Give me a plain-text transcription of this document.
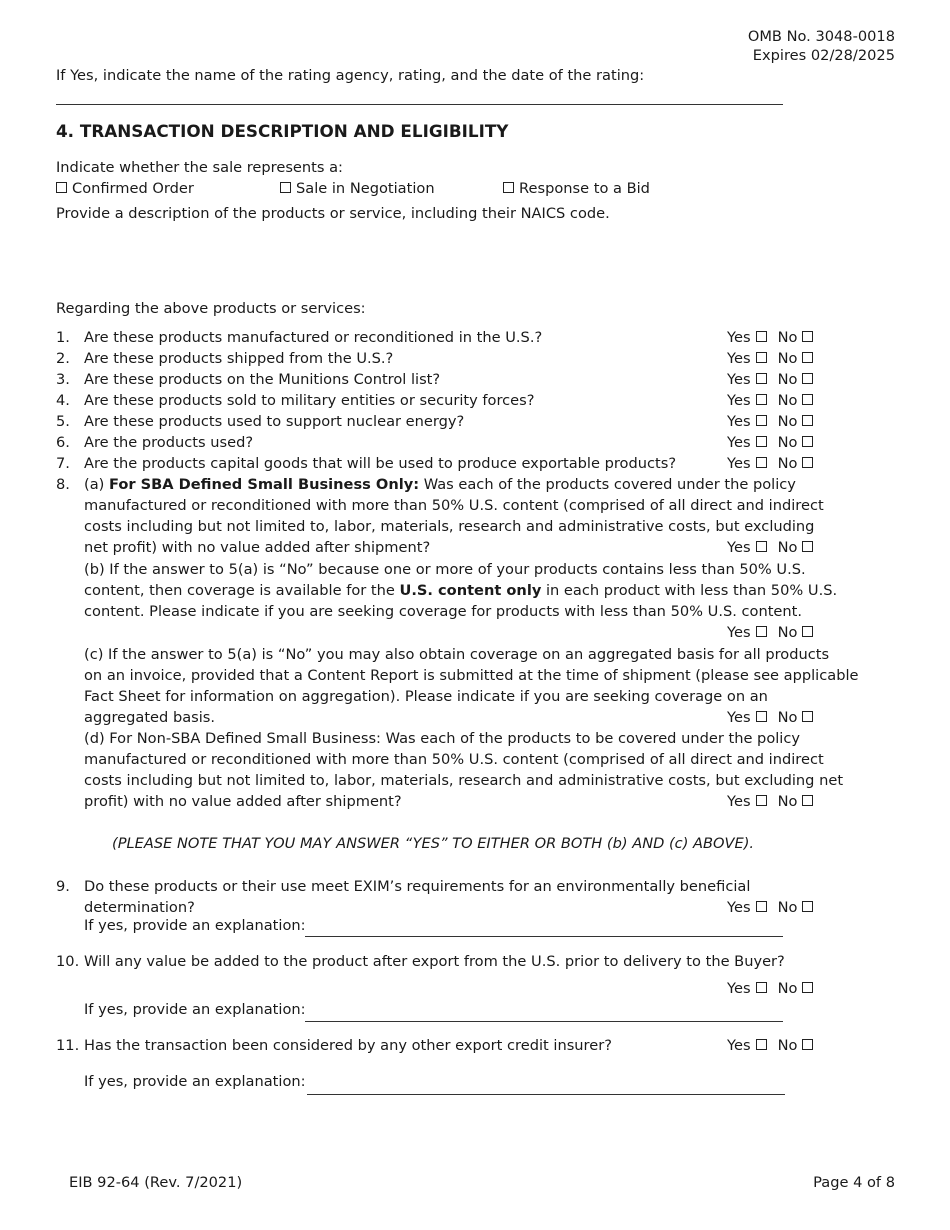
OMB No. 3048-0018
Expires 02/28/2025
If Yes, indicate the name of the rating agency, rating, and the date of the rating:
4. TRANSACTION DESCRIPTION AND ELIGIBILITY
Indicate whether the sale represents a:
Confirmed Order	Sale in Negotiation	Response to a Bid
Provide a description of the products or service, including their NAICS code.
Regarding the above products or services:
1. Are these products manufactured or reconditioned in the U.S.?	Yes No
2. Are these products shipped from the U.S.?	Yes No
3. Are these products on the Munitions Control list?	Yes No
4. Are these products sold to military entities or security forces?	Yes No
5. Are these products used to support nuclear energy?	Yes No
6. Are the products used?	Yes No
7. Are the products capital goods that will be used to produce exportable products?	Yes No
8. (a) For SBA Defined Small Business Only: Was each of the products covered under the policy
manufactured or reconditioned with more than 50% U.S. content (comprised of all direct and indirect
costs including but not limited to, labor, materials, research and administrative costs, but excluding
net profit) with no value added after shipment?	Yes No
(b) If the answer to 5(a) is “No” because one or more of your products contains less than 50% U.S.
content, then coverage is available for the U.S. content only in each product with less than 50% U.S.
content. Please indicate if you are seeking coverage for products with less than 50% U.S. content.
Yes No
(c) If the answer to 5(a) is “No” you may also obtain coverage on an aggregated basis for all products
on an invoice, provided that a Content Report is submitted at the time of shipment (please see applicable
Fact Sheet for information on aggregation). Please indicate if you are seeking coverage on an
aggregated basis.	Yes No
(d) For Non-SBA Defined Small Business: Was each of the products to be covered under the policy
manufactured or reconditioned with more than 50% U.S. content (comprised of all direct and indirect
costs including but not limited to, labor, materials, research and administrative costs, but excluding net
profit) with no value added after shipment?	Yes No
(PLEASE NOTE THAT YOU MAY ANSWER “YES” TO EITHER OR BOTH (b) AND (c) ABOVE).
9. Do these products or their use meet EXIM’s requirements for an environmentally beneficial
determination?	Yes No
If yes, provide an explanation:
10. Will any value be added to the product after export from the U.S. prior to delivery to the Buyer?
Yes No
If yes, provide an explanation:
11. Has the transaction been considered by any other export credit insurer?	Yes No
If yes, provide an explanation:
EIB 92-64 (Rev. 7/2021)	Page 4 of 8
